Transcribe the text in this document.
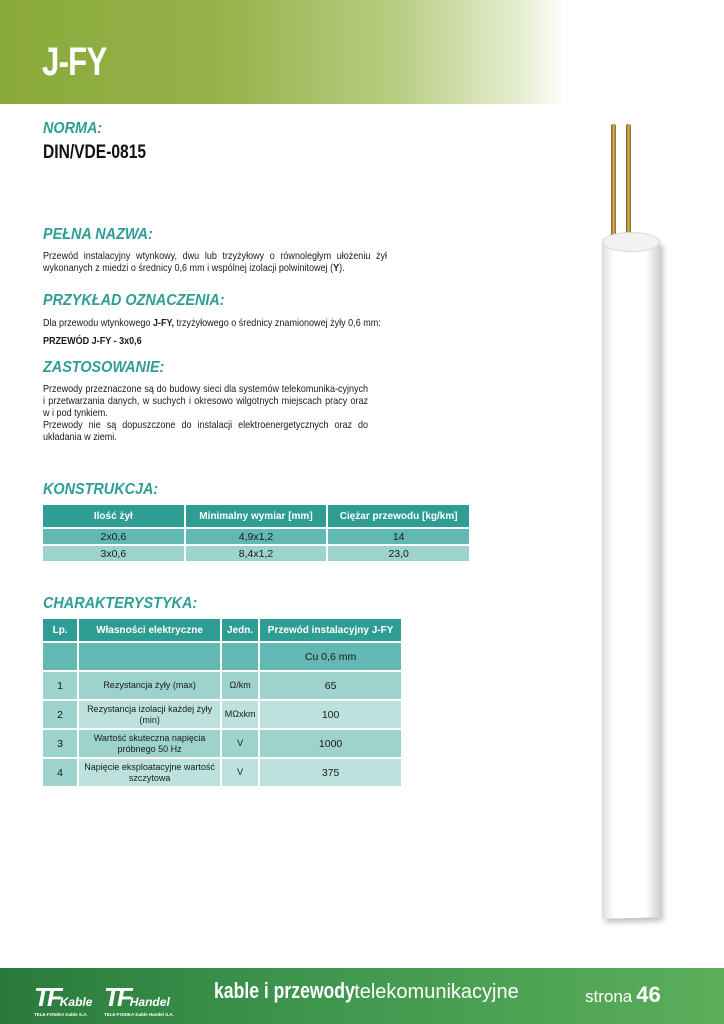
J-FY
NORMA:
DIN/VDE-0815
PEŁNA NAZWA:
Przewód instalacyjny wtynkowy, dwu lub trzyżyłowy o równoległym ułożeniu żył wykonanych z miedzi o średnicy 0,6 mm i wspólnej izolacji polwinitowej (Y).
PRZYKŁAD OZNACZENIA:
Dla przewodu wtynkowego J-FY, trzyżyłowego o średnicy znamionowej żyły 0,6 mm:
PRZEWÓD J-FY - 3x0,6
ZASTOSOWANIE:
Przewody przeznaczone są do budowy sieci dla systemów telekomunika-cyjnych i przetwarzania danych, w suchych i okresowo wilgotnych miejscach pracy oraz w i pod tynkiem.
Przewody nie są dopuszczone do instalacji elektroenergetycznych oraz do układania w ziemi.
KONSTRUKCJA:
Ilość żył	Minimalny wymiar [mm]	Ciężar przewodu [kg/km]
2x0,6	4,9x1,2	14
3x0,6	8,4x1,2	23,0
CHARAKTERYSTYKA:
Lp.	Własności elektryczne	Jedn.	Przewód instalacyjny J-FY
			Cu 0,6 mm
1	Rezystancja żyły (max)	Ω/km	65
2	Rezystancja izolacji każdej żyły (min)	MΩxkm	100
3	Wartość skuteczna napięcia próbnego 50 Hz	V	1000
4	Napięcie eksploatacyjne wartość szczytowa	V	375
TFKable
TELE-FONIKA Kable S.A.
TFHandel
TELE-FONIKA Kable Handel S.A.
kable i przewody telekomunikacyjne	strona 46
